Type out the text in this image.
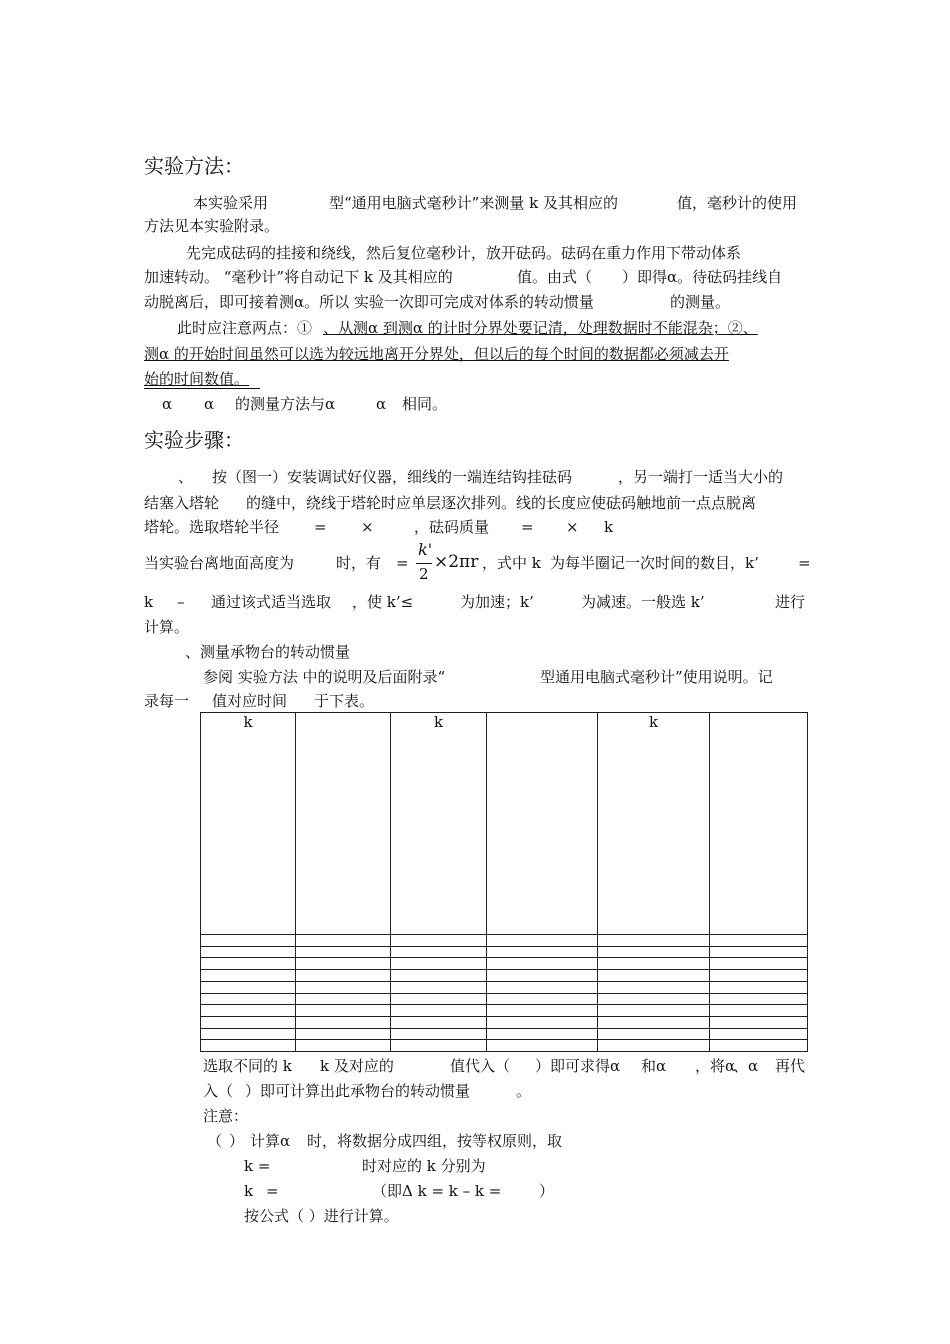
实验方法：
本实验采用	型“通用电脑式毫秒计”来测量 k 及其相应的	值，毫秒计的使用
方法见本实验附录。
先完成砝码的挂接和绕线，然后复位毫秒计，放开砝码。砝码在重力作用下带动体系
加速转动。 “毫秒计”将自动记下 k 及其相应的	值。由式（ ）即得α。待砝码挂线自
动脱离后，即可接着测α。所以 实验一次即可完成对体系的转动惯量	的测量。
此时应注意两点：① 、从测α 到测α 的计时分界处要记清，处理数据时不能混杂；②、
测α 的开始时间虽然可以选为较远地离开分界处，但以后的每个时间的数据都必须减去开
始的时间数值。
α α 的测量方法与α	α 相同。
实验步骤：
、 按（图一）安装调试好仪器，细线的一端连结钩挂砝码	，另一端打一适当大小的
结塞入塔轮 的缝中，绕线于塔轮时应单层逐次排列。线的长度应使砝码触地前一点点脱离
塔轮。选取塔轮半径 = ×	，砝码质量 = × k
当实验台离地面高度为	时，有 =
k'
2
×2πr ，式中 k 为每半圈记一次时间的数目，k’	=
k – 通过该式适当选取 ，使 k’≤	为加速；k’	为减速。一般选 k’	进行
计算。
、测量承物台的转动惯量
参阅 实验方法 中的说明及后面附录“	型通用电脑式毫秒计”使用说明。记
录每一 值对应时间 于下表。
k		k		k	

选取不同的 k k 及对应的	值代入（ ）即可求得α 和α ，将α
、α 再代
入（ ）即可计算出此承物台的转动惯量	。
注意：
（ ） 计算α 时，将数据分成四组，按等权原则，取
k =	时对应的 k 分别为
k =	（即Δ k = k – k =	）
按公式（ ）进行计算。
